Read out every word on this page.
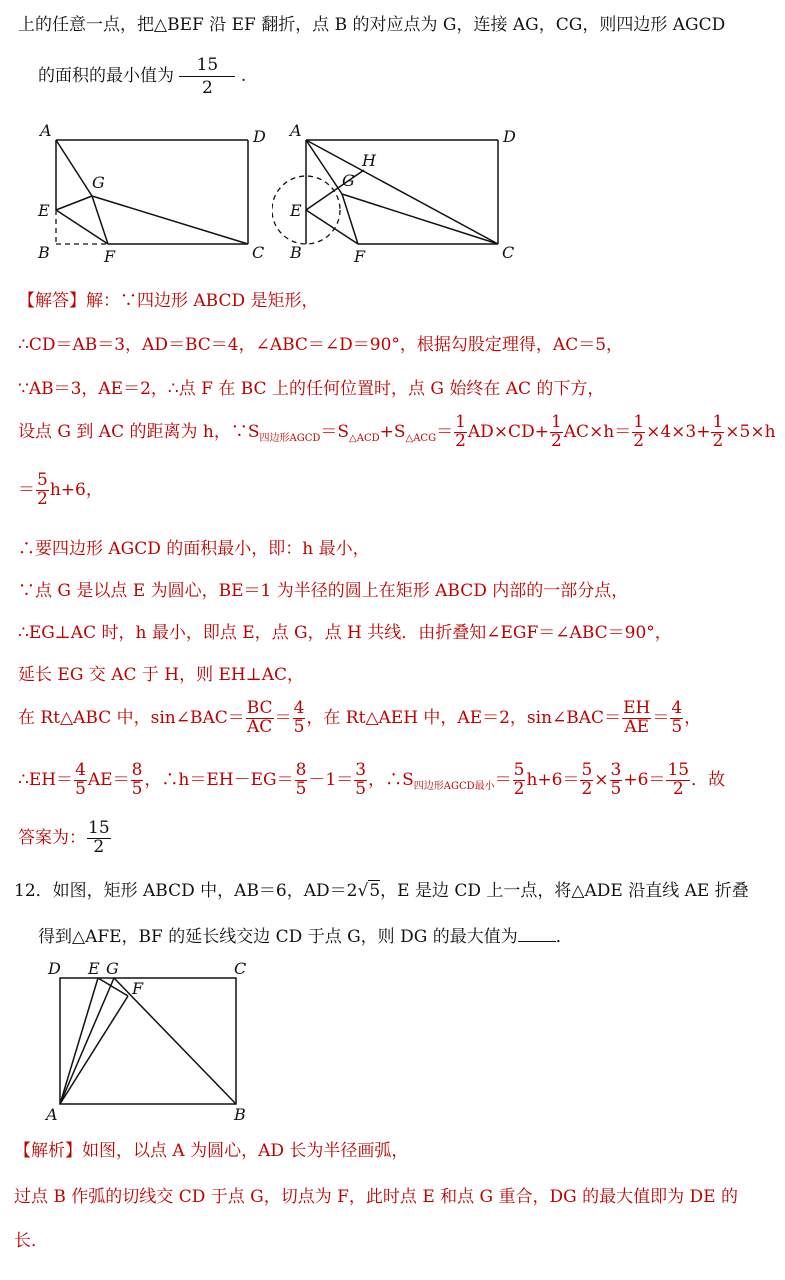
上的任意一点，把△BEF 沿 EF 翻折，点 B 的对应点为 G，连接 AG，CG，则四边形 AGCD
的面积的最小值为 $\frac{15}{2}$ .
A	D
G
E
B	F	C
A	D
H
G
E
B	F	C
【解答】解：∵四边形 ABCD 是矩形，
∴CD＝AB＝3，AD＝BC＝4，∠ABC＝∠D＝90°，根据勾股定理得，AC＝5，
∵AB＝3，AE＝2，∴点 F 在 BC 上的任何位置时，点 G 始终在 AC 的下方，
设点 G 到 AC 的距离为 h，$\because S_{四边形AGCD}=S_{\triangle ACD}+S_{\triangle ACG}= \frac{1}{2} AD\times CD+ \frac{1}{2} AC\times h= \frac{1}{2} \times 4\times 3+ \frac{1}{2} \times 5\times h$
＝ $\frac{5}{2} h+6$，
∴要四边形 AGCD 的面积最小，即：h 最小，
∵点 G 是以点 E 为圆心，BE＝1 为半径的圆上在矩形 ABCD 内部的一部分点，
∴EG⊥AC 时，h 最小，即点 E，点 G，点 H 共线．由折叠知∠EGF＝∠ABC＝90°，
延长 EG 交 AC 于 H，则 EH⊥AC，
在 Rt△ABC 中，sin∠BAC＝ $\frac{BC}{AC} = \frac{4}{5}$ ，在 Rt△AEH 中，AE＝2，sin∠BAC＝ $\frac{EH}{AE} = \frac{4}{5}$ ，
∴EH＝ $\frac{4}{5} AE= \frac{8}{5}$ ，∴h＝EH－EG＝ $\frac{8}{5} -1= \frac{3}{5}$ ，$\therefore S_{四边形AGCD最小}= \frac{5}{2} h+6= \frac{5}{2} \times \frac{3}{5} +6= \frac{15}{2}$ ．故
答案为： $\frac{15}{2}$
12．如图，矩形 ABCD 中，AB＝6，AD＝2√5，E 是边 CD 上一点，将△ADE 沿直线 AE 折叠
得到△AFE，BF 的延长线交边 CD 于点 G，则 DG 的最大值为 ．
D E G	C
F
A	B
【解析】如图，以点 A 为圆心，AD 长为半径画弧，
过点 B 作弧的切线交 CD 于点 G，切点为 F，此时点 E 和点 G 重合，DG 的最大值即为 DE 的
长．
